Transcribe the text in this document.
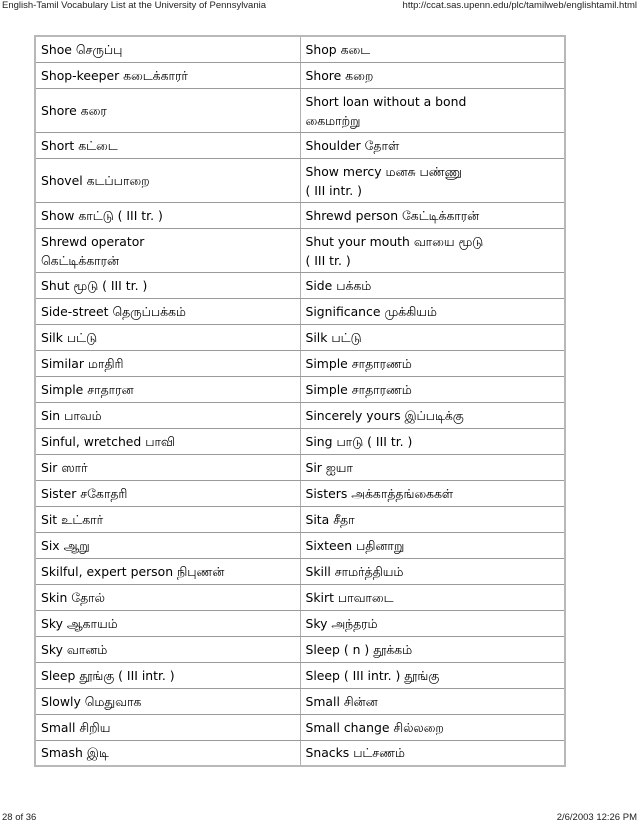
English-Tamil Vocabulary List at the University of Pennsylvania	http://ccat.sas.upenn.edu/plc/tamilweb/englishtamil.html
Shoe செருப்பு	Shop கடை
Shop-keeper கடைக்காரர்	Shore கறை
Shore கரை	Short loan without a bond
கைமாற்று
Short கட்டை	Shoulder தோள்
Shovel கடப்பாறை	Show mercy மனசு பண்ணு
( III intr. )
Show காட்டு ( III tr. )	Shrewd person கேட்டிக்காரன்
Shrewd operator
கெட்டிக்காரன்	Shut your mouth வாயை மூடு
( III tr. )
Shut மூடு ( III tr. )	Side பக்கம்
Side-street தெருப்பக்கம்	Significance முக்கியம்
Silk பட்டு	Silk பட்டு
Similar மாதிரி	Simple சாதாரணம்
Simple சாதாரன	Simple சாதாரணம்
Sin பாவம்	Sincerely yours இப்படிக்கு
Sinful, wretched பாவி	Sing பாடு ( III tr. )
Sir ஸார்	Sir ஐயா
Sister சகோதரி	Sisters அக்காத்தங்கைகள்
Sit உட்கார்	Sita சீதா
Six ஆறு	Sixteen பதினாறு
Skilful, expert person நிபுணன்	Skill சாமர்த்தியம்
Skin தோல்	Skirt பாவாடை
Sky ஆகாயம்	Sky அந்தரம்
Sky வானம்	Sleep ( n ) தூக்கம்
Sleep தூங்கு ( III intr. )	Sleep ( III intr. ) தூங்கு
Slowly மெதுவாக	Small சின்ன
Small சிறிய	Small change சில்லறை
Smash இடி	Snacks பட்சணம்
28 of 36	2/6/2003 12:26 PM
